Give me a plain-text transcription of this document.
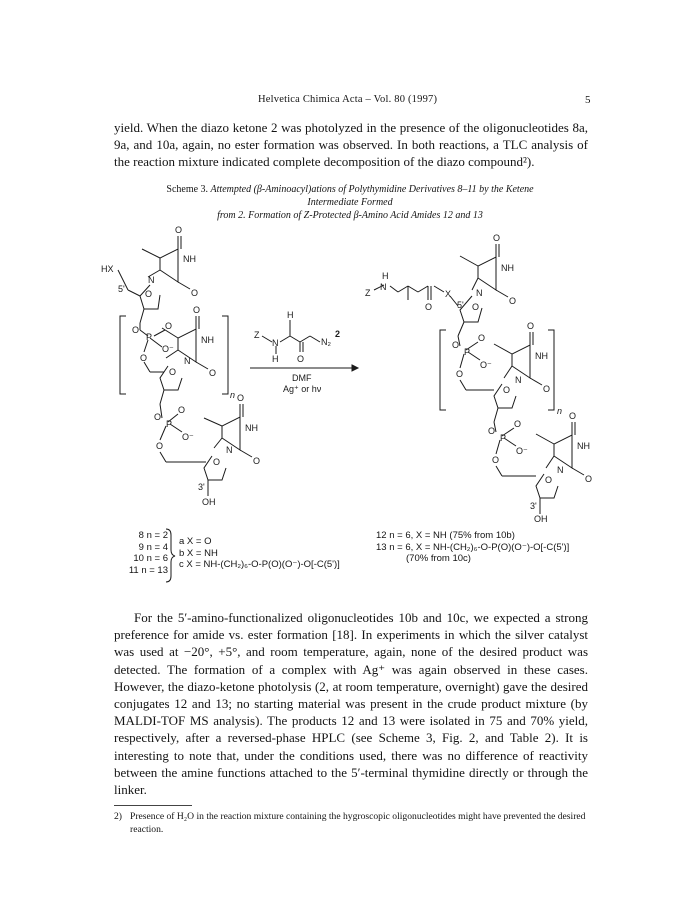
Helvetica Chimica Acta – Vol. 80 (1997)	5

yield. When the diazo ketone 2 was photolyzed in the presence of the oligonucleotides 8a, 9a, and 10a, again, no ester formation was observed. In both reactions, a TLC analysis of the reaction mixture indicated complete decomposition of the diazo compound²).

Scheme 3. Attempted (β-Aminoacyl)ations of Polythymidine Derivatives 8–11 by the Ketene Intermediate Formed
from 2. Formation of Z-Protected β-Amino Acid Amides 12 and 13
O
NH
N
O
HX
5' O
n
O
P
O
O⁻
O
O
NH
N
O
O
O
P
O
O⁻
O
O
NH
N
O
O
3'
OH
Z
N
H
H
O
N₂
2
DMF
Ag⁺ or hν
Z
N
H
O
X
5'
O
NH
N
O
O
n
O
P
O
O⁻
O
O
NH
N
O
O
O
P
O
O⁻
O
O
NH
N
O
O
3'
OH
8 n = 2
9 n = 4
10 n = 6
11 n = 13
a X = O
b X = NH
c X = NH-(CH₂)₆-O-P(O)(O⁻)-O[-C(5')]
12 n = 6, X = NH (75% from 10b)
13 n = 6, X = NH-(CH₂)₆-O-P(O)(O⁻)-O[-C(5')]
(70% from 10c)

For the 5′-amino-functionalized oligonucleotides 10b and 10c, we expected a strong preference for amide vs. ester formation [18]. In experiments in which the silver catalyst was used at −20°, +5°, and room temperature, again, none of the desired product was detected. The formation of a complex with Ag⁺ was again observed in these cases. However, the diazo-ketone photolysis (2, at room temperature, overnight) gave the desired conjugates 12 and 13; no starting material was present in the crude product mixture (by MALDI-TOF MS analysis). The products 12 and 13 were isolated in 75 and 70% yield, respectively, after a reversed-phase HPLC (see Scheme 3, Fig. 2, and Table 2). It is interesting to note that, under the conditions used, there was no difference of reactivity between the amine functions attached to the 5′-terminal thymidine directly or through the linker.

2) Presence of H₂O in the reaction mixture containing the hygroscopic oligonucleotides might have prevented the desired reaction.
